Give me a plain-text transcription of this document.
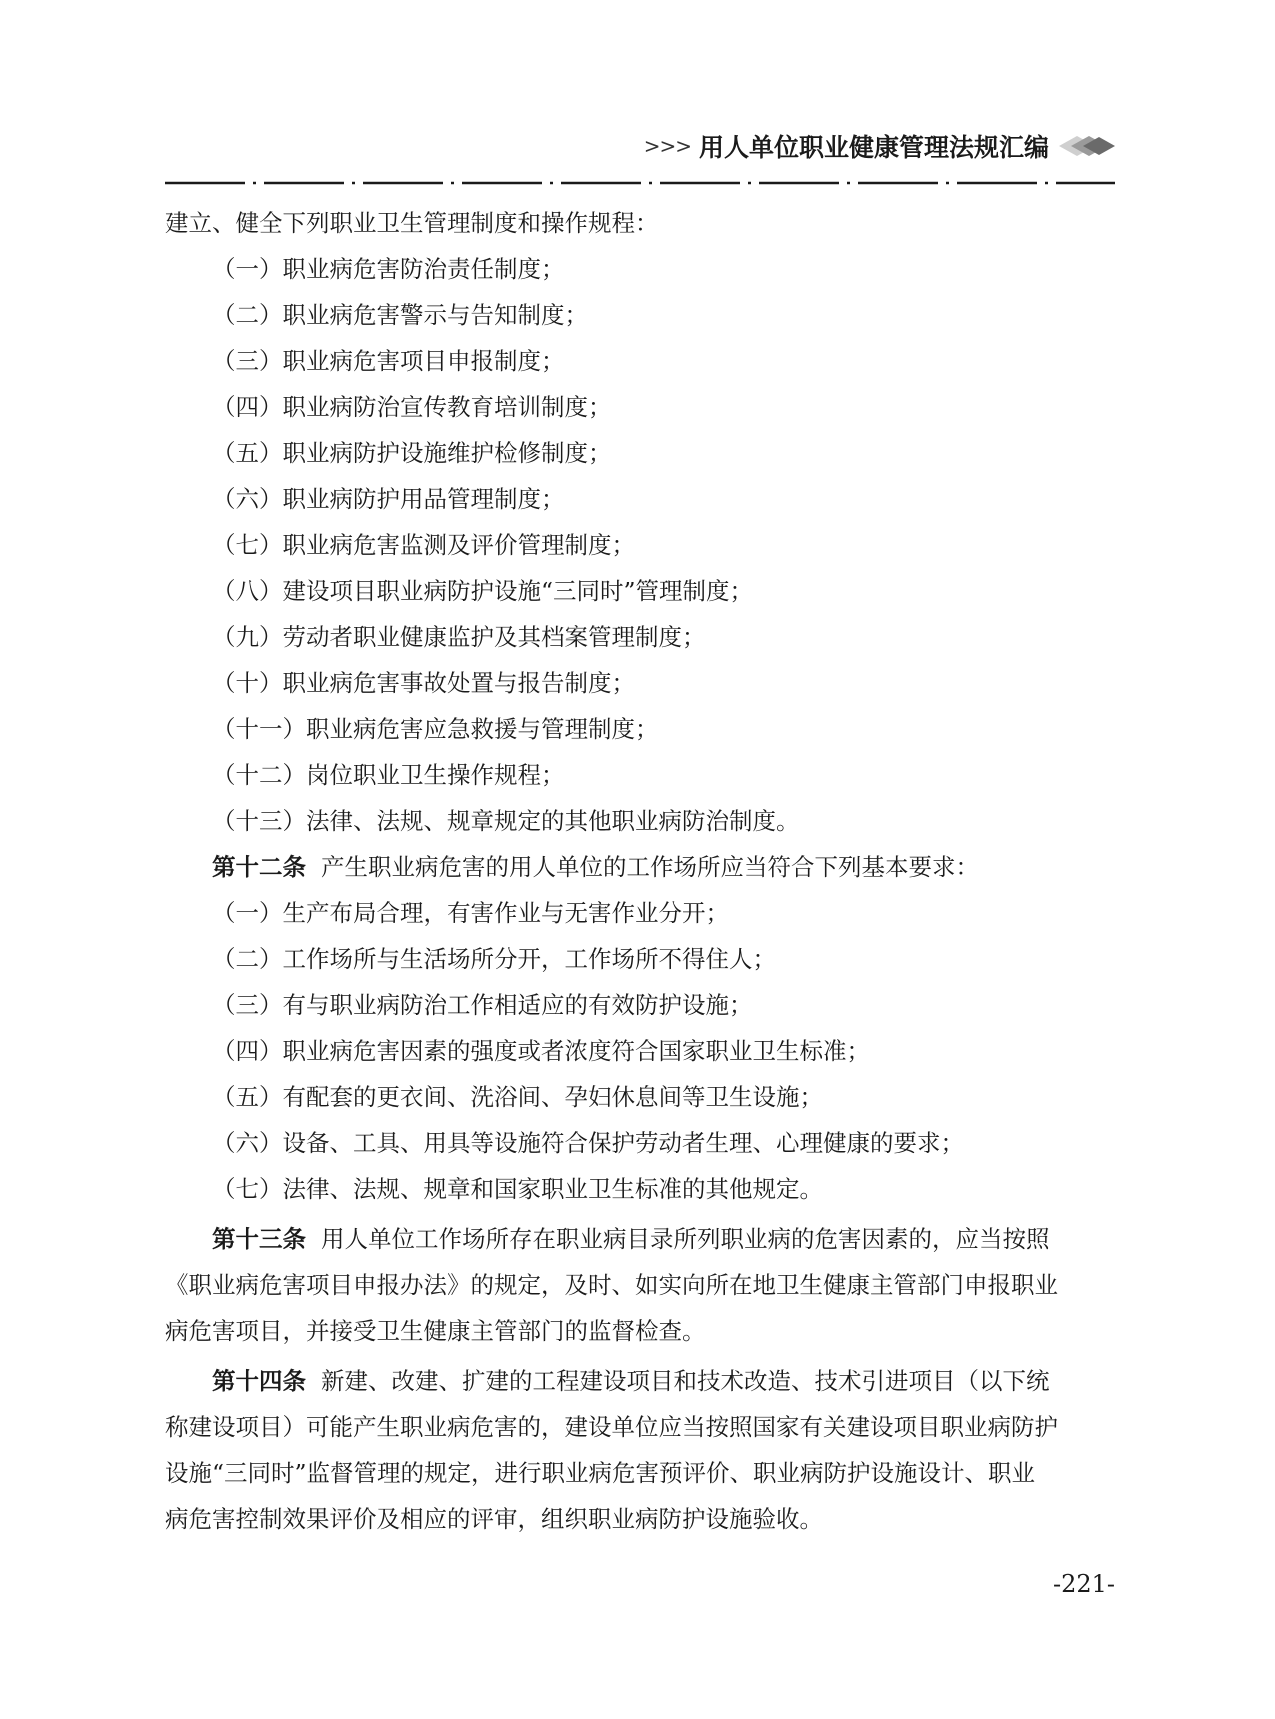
>>> 用人单位职业健康管理法规汇编

建立、健全下列职业卫生管理制度和操作规程：

（一）职业病危害防治责任制度；

（二）职业病危害警示与告知制度；

（三）职业病危害项目申报制度；

（四）职业病防治宣传教育培训制度；

（五）职业病防护设施维护检修制度；

（六）职业病防护用品管理制度；

（七）职业病危害监测及评价管理制度；

（八）建设项目职业病防护设施“三同时”管理制度；

（九）劳动者职业健康监护及其档案管理制度；

（十）职业病危害事故处置与报告制度；

（十一）职业病危害应急救援与管理制度；

（十二）岗位职业卫生操作规程；

（十三）法律、法规、规章规定的其他职业病防治制度。

第十二条 产生职业病危害的用人单位的工作场所应当符合下列基本要求：

（一）生产布局合理，有害作业与无害作业分开；

（二）工作场所与生活场所分开，工作场所不得住人；

（三）有与职业病防治工作相适应的有效防护设施；

（四）职业病危害因素的强度或者浓度符合国家职业卫生标准；

（五）有配套的更衣间、洗浴间、孕妇休息间等卫生设施；

（六）设备、工具、用具等设施符合保护劳动者生理、心理健康的要求；

（七）法律、法规、规章和国家职业卫生标准的其他规定。

第十三条 用人单位工作场所存在职业病目录所列职业病的危害因素的，应当按照

《职业病危害项目申报办法》的规定，及时、如实向所在地卫生健康主管部门申报职业

病危害项目，并接受卫生健康主管部门的监督检查。

第十四条 新建、改建、扩建的工程建设项目和技术改造、技术引进项目（以下统

称建设项目）可能产生职业病危害的，建设单位应当按照国家有关建设项目职业病防护

设施“三同时”监督管理的规定，进行职业病危害预评价、职业病防护设施设计、职业

病危害控制效果评价及相应的评审，组织职业病防护设施验收。

-221-
